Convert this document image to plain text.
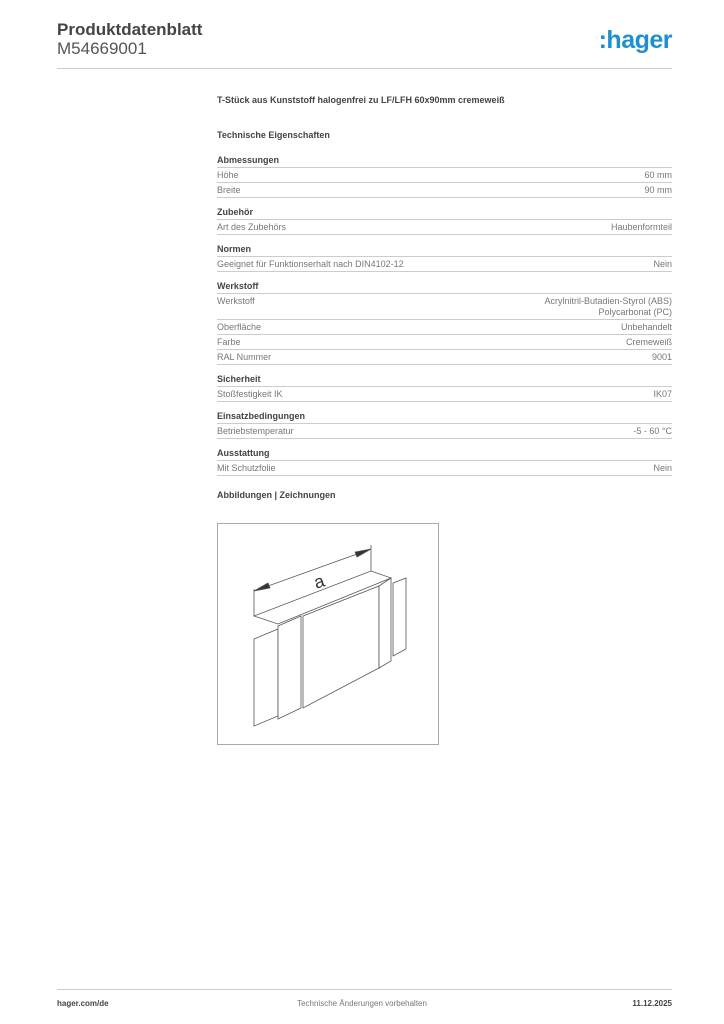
Produktdatenblatt
M54669001	:hager
T-Stück aus Kunststoff halogenfrei zu LF/LFH 60x90mm cremeweiß
Technische Eigenschaften
Abmessungen
Höhe	60 mm
Breite	90 mm
Zubehör
Art des Zubehörs	Haubenformteil
Normen
Geeignet für Funktionserhalt nach DIN4102-12	Nein
Werkstoff
Werkstoff	Acrylnitril-Butadien-Styrol (ABS)
Polycarbonat (PC)
Oberfläche	Unbehandelt
Farbe	Cremeweiß
RAL Nummer	9001
Sicherheit
Stoßfestigkeit IK	IK07
Einsatzbedingungen
Betriebstemperatur	-5 - 60 °C
Ausstattung
Mit Schutzfolie	Nein
Abbildungen | Zeichnungen
a
hager.com/de	Technische Änderungen vorbehalten	11.12.2025
